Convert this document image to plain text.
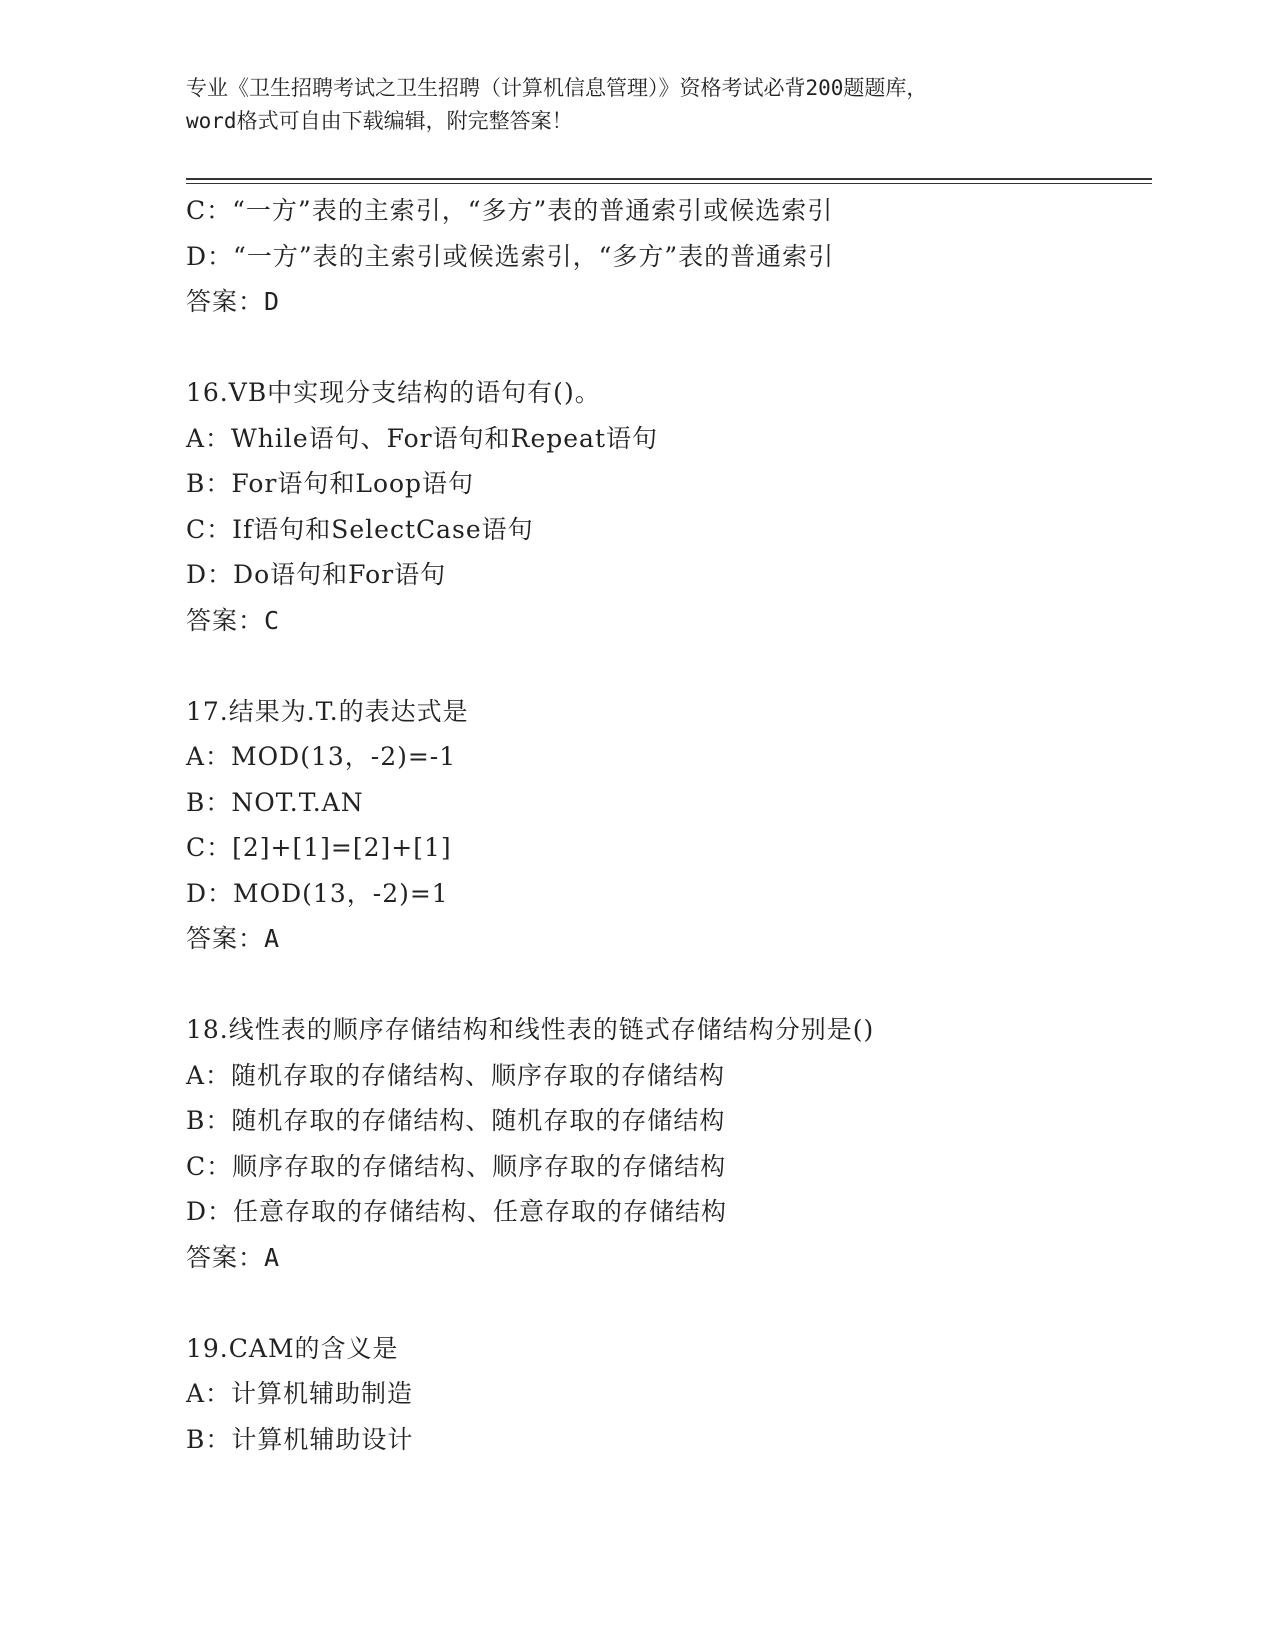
专业《卫生招聘考试之卫生招聘（计算机信息管理）》资格考试必背200题题库，
word格式可自由下载编辑，附完整答案！
C：“一方”表的主索引，“多方”表的普通索引或候选索引
D：“一方”表的主索引或候选索引，“多方”表的普通索引
答案：D
16.VB中实现分支结构的语句有()。
A：While语句、For语句和Repeat语句
B：For语句和Loop语句
C：If语句和SelectCase语句
D：Do语句和For语句
答案：C
17.结果为.T.的表达式是
A：MOD(13，-2)=-1
B：NOT.T.AN
C：[2]+[1]=[2]+[1]
D：MOD(13，-2)=1
答案：A
18.线性表的顺序存储结构和线性表的链式存储结构分别是()
A：随机存取的存储结构、顺序存取的存储结构
B：随机存取的存储结构、随机存取的存储结构
C：顺序存取的存储结构、顺序存取的存储结构
D：任意存取的存储结构、任意存取的存储结构
答案：A
19.CAM的含义是
A：计算机辅助制造
B：计算机辅助设计
